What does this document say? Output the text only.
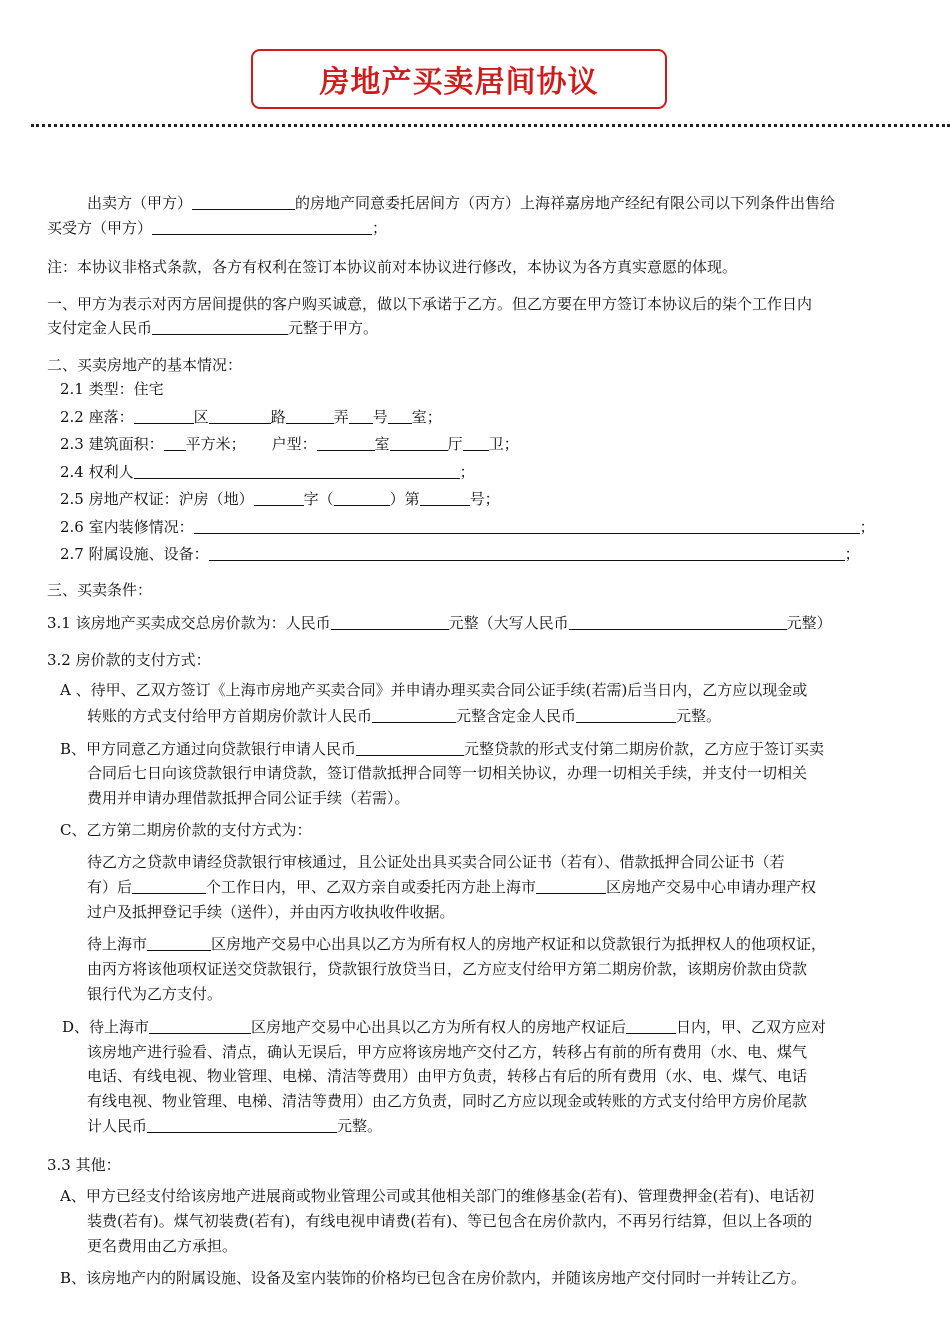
房地产买卖居间协议
出卖方（甲方）	的房地产同意委托居间方（丙方）上海祥嘉房地产经纪有限公司以下列条件出售给
买受方（甲方）	；
注：本协议非格式条款，各方有权利在签订本协议前对本协议进行修改，本协议为各方真实意愿的体现。
一、甲方为表示对丙方居间提供的客户购买诚意，做以下承诺于乙方。但乙方要在甲方签订本协议后的柒个工作日内
支付定金人民币	元整于甲方。
二、买卖房地产的基本情况：
2.1 类型：住宅
2.2 座落：	区	路	弄 号 室；
2.3 建筑面积： 平方米； 户型：	室	厅 卫；
2.4 权利人	；
2.5 房地产权证：沪房（地）	字（	）第	号；
2.6 室内装修情况：	；
2.7 附属设施、设备：	；
三、买卖条件：
3.1 该房地产买卖成交总房价款为：人民币	元整（大写人民币	元整）
3.2 房价款的支付方式：
A 、待甲、乙双方签订《上海市房地产买卖合同》并申请办理买卖合同公证手续(若需)后当日内，乙方应以现金或
转账的方式支付给甲方首期房价款计人民币	元整含定金人民币	元整。
B、甲方同意乙方通过向贷款银行申请人民币	元整贷款的形式支付第二期房价款，乙方应于签订买卖
合同后七日向该贷款银行申请贷款，签订借款抵押合同等一切相关协议，办理一切相关手续，并支付一切相关
费用并申请办理借款抵押合同公证手续（若需）。
C、乙方第二期房价款的支付方式为：
待乙方之贷款申请经贷款银行审核通过，且公证处出具买卖合同公证书（若有）、借款抵押合同公证书（若
有）后	个工作日内，甲、乙双方亲自或委托丙方赴上海市	区房地产交易中心申请办理产权
过户及抵押登记手续（送件），并由丙方收执收件收据。
待上海市	区房地产交易中心出具以乙方为所有权人的房地产权证和以贷款银行为抵押权人的他项权证，
由丙方将该他项权证送交贷款银行，贷款银行放贷当日，乙方应支付给甲方第二期房价款，该期房价款由贷款
银行代为乙方支付。
D、待上海市	区房地产交易中心出具以乙方为所有权人的房地产权证后	日内，甲、乙双方应对
该房地产进行验看、清点，确认无误后，甲方应将该房地产交付乙方，转移占有前的所有费用（水、电、煤气
电话、有线电视、物业管理、电梯、清洁等费用）由甲方负责，转移占有后的所有费用（水、电、煤气、电话
有线电视、物业管理、电梯、清洁等费用）由乙方负责，同时乙方应以现金或转账的方式支付给甲方房价尾款
计人民币	元整。
3.3 其他：
A、甲方已经支付给该房地产进展商或物业管理公司或其他相关部门的维修基金(若有)、管理费押金(若有)、电话初
装费(若有)。煤气初装费(若有)，有线电视申请费(若有)、等已包含在房价款内，不再另行结算，但以上各项的
更名费用由乙方承担。
B、该房地产内的附属设施、设备及室内装饰的价格均已包含在房价款内，并随该房地产交付同时一并转让乙方。
